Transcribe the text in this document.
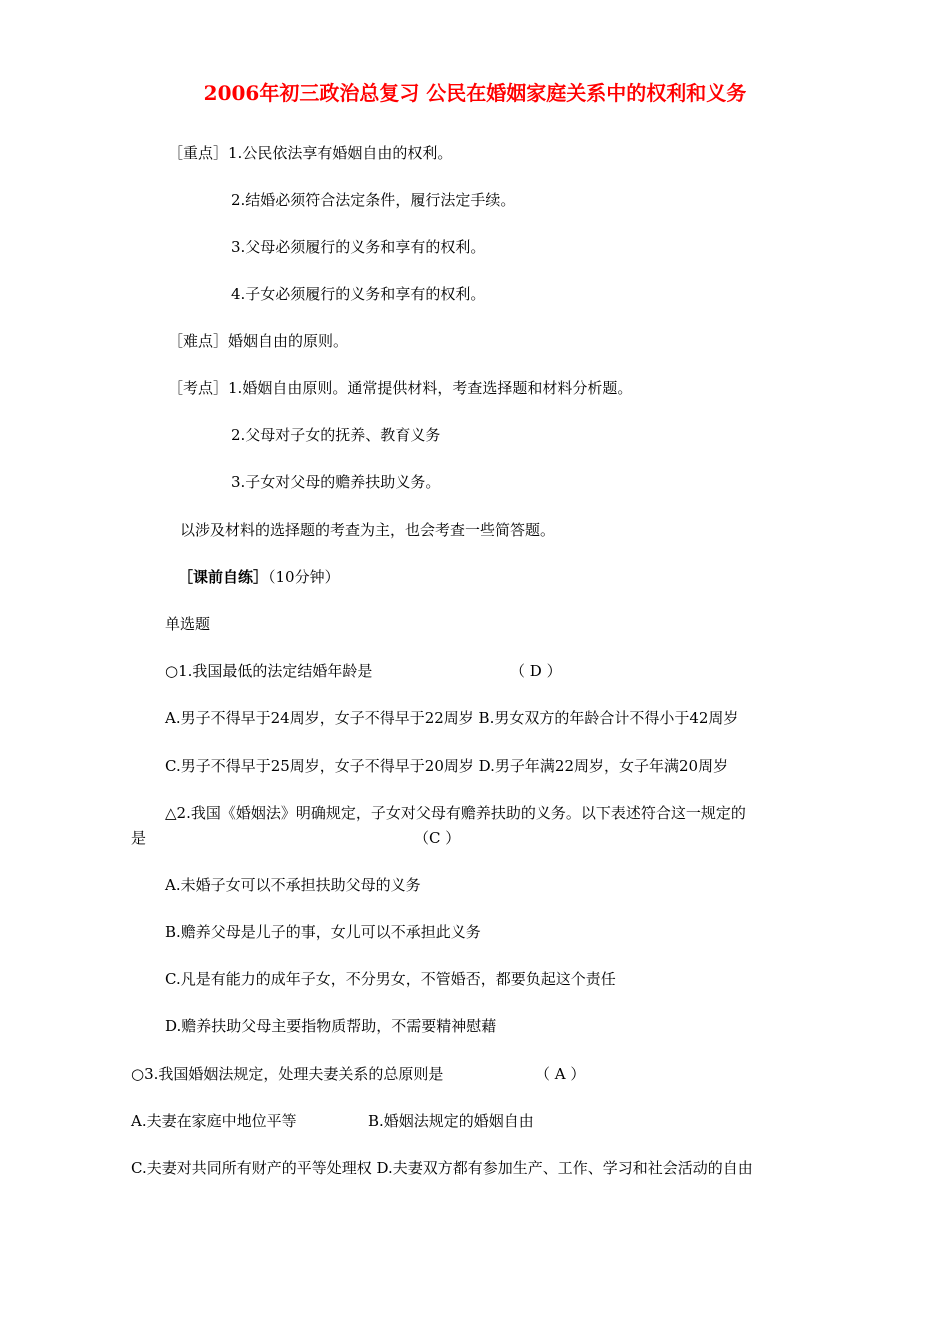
2006年初三政治总复习 公民在婚姻家庭关系中的权利和义务
［重点］1.公民依法享有婚姻自由的权利。
2.结婚必须符合法定条件，履行法定手续。
3.父母必须履行的义务和享有的权利。
4.子女必须履行的义务和享有的权利。
［难点］婚姻自由的原则。
［考点］1.婚姻自由原则。通常提供材料，考查选择题和材料分析题。
2.父母对子女的抚养、教育义务
3.子女对父母的赡养扶助义务。
以涉及材料的选择题的考查为主，也会考查一些简答题。
［课前自练］（10分钟）
单选题
○1.我国最低的法定结婚年龄是	（ D ）
A.男子不得早于24周岁，女子不得早于22周岁 B.男女双方的年龄合计不得小于42周岁
C.男子不得早于25周岁，女子不得早于20周岁 D.男子年满22周岁，女子年满20周岁
△2.我国《婚姻法》明确规定，子女对父母有赡养扶助的义务。以下表述符合这一规定的
是	（C ）
A.未婚子女可以不承担扶助父母的义务
B.赡养父母是儿子的事，女儿可以不承担此义务
C.凡是有能力的成年子女，不分男女，不管婚否，都要负起这个责任
D.赡养扶助父母主要指物质帮助，不需要精神慰藉
○3.我国婚姻法规定，处理夫妻关系的总原则是	（ A ）
A.夫妻在家庭中地位平等	B.婚姻法规定的婚姻自由
C.夫妻对共同所有财产的平等处理权 D.夫妻双方都有参加生产、工作、学习和社会活动的自由
